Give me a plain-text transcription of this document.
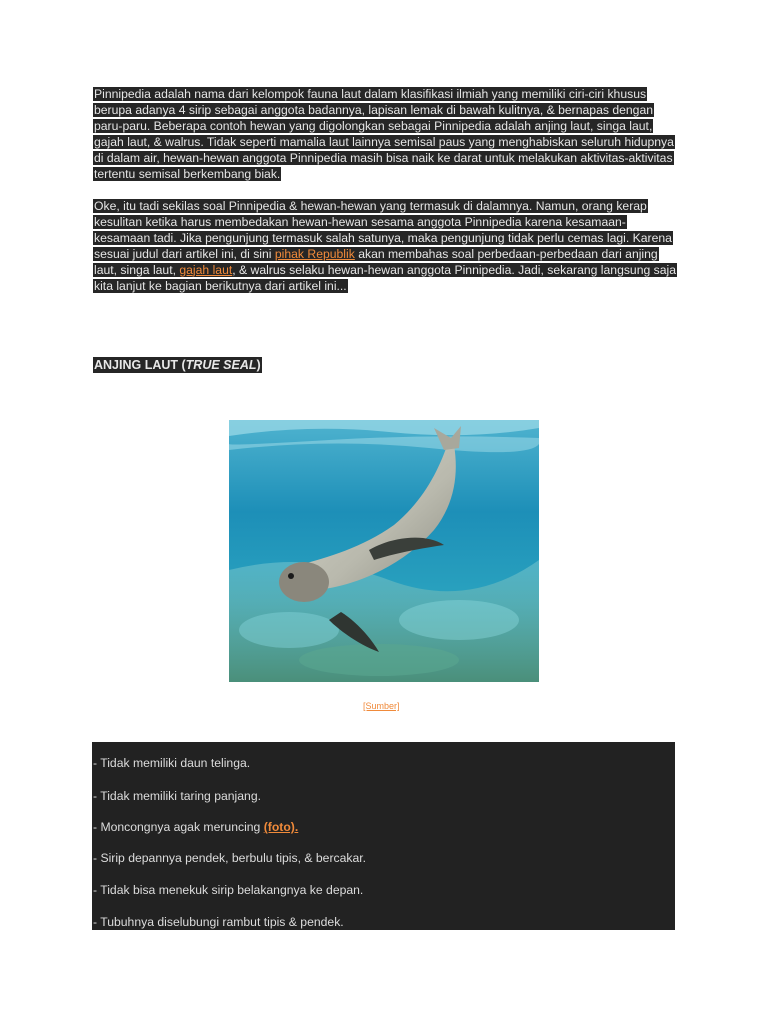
Pinnipedia adalah nama dari kelompok fauna laut dalam klasifikasi ilmiah yang memiliki ciri-ciri khusus berupa adanya 4 sirip sebagai anggota badannya, lapisan lemak di bawah kulitnya, & bernapas dengan paru-paru. Beberapa contoh hewan yang digolongkan sebagai Pinnipedia adalah anjing laut, singa laut, gajah laut, & walrus. Tidak seperti mamalia laut lainnya semisal paus yang menghabiskan seluruh hidupnya di dalam air, hewan-hewan anggota Pinnipedia masih bisa naik ke darat untuk melakukan aktivitas-aktivitas tertentu semisal berkembang biak.

Oke, itu tadi sekilas soal Pinnipedia & hewan-hewan yang termasuk di dalamnya. Namun, orang kerap kesulitan ketika harus membedakan hewan-hewan sesama anggota Pinnipedia karena kesamaan-kesamaan tadi. Jika pengunjung termasuk salah satunya, maka pengunjung tidak perlu cemas lagi. Karena sesuai judul dari artikel ini, di sini pihak Republik akan membahas soal perbedaan-perbedaan dari anjing laut, singa laut, gajah laut, & walrus selaku hewan-hewan anggota Pinnipedia. Jadi, sekarang langsung saja kita lanjut ke bagian berikutnya dari artikel ini...

ANJING LAUT (TRUE SEAL)
[Sumber]
- Tidak memiliki daun telinga.
- Tidak memiliki taring panjang.
- Moncongnya agak meruncing (foto).
- Sirip depannya pendek, berbulu tipis, & bercakar.
- Tidak bisa menekuk sirip belakangnya ke depan.
- Tubuhnya diselubungi rambut tipis & pendek.
